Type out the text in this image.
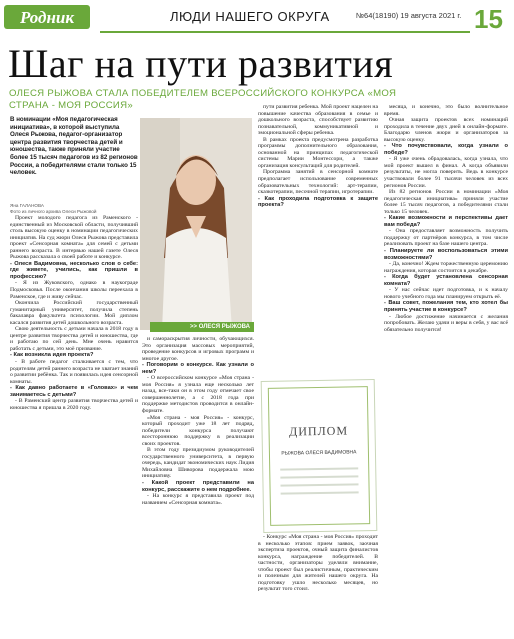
Родник	ЛЮДИ НАШЕГО ОКРУГА	№64(18190) 19 августа 2021 г. 15
Шаг на пути развития
ОЛЕСЯ РЫЖОВА СТАЛА ПОБЕДИТЕЛЕМ ВСЕРОССИЙСКОГО КОНКУРСА «МОЯ СТРАНА - МОЯ РОССИЯ»
В номинации «Моя педагогическая инициатива», в которой выступила Олеся Рыжова, педагог-организатор центра развития творчества детей и юношества, также приняли участие более 15 тысяч педагогов из 82 регионов России, а победителями стали только 15 человек.
Яна ГАЛАНОВА
Фото из личного архива Олеси Рыжовой
>> ОЛЕСЯ РЫЖОВА

Проект молодого педагога из Раменского - единственный из Московской области, получивший столь высокую оценку в номинации педагогических инициатив. На суд жюри Олеся Рыжова представила проект «Сенсорная комната» для семей с детьми раннего возраста. В интервью нашей газете Олеся Рыжова рассказала о своей работе и конкурсе.

- Олеся Вадимовна, несколько слов о себе: где живете, учились, как пришли в профессию?

- Я из Жуковского, однако в наукограде Подмосковья. После окончания школы переехала в Раменское, где и живу сейчас.

Окончила Российский государственный гуманитарный университет, получила степень бакалавра факультета психологии. Мой диплом касался развития детей дошкольного возраста.

Свою деятельность с детьми начала в 2018 году в центре развития творчества детей и юношества, где и работаю по сей день. Мне очень нравится работать с детьми, это моё призвание.

- Как возникла идея проекта?

- В работе педагог сталкивается с тем, что родителям детей раннего возраста не хватает знаний о развитии ребёнка. Так и появилась идея сенсорной комнаты.

- Как давно работаете в «Головах» и чем занимаетесь с детьми?

- В Раменский центр развития творчества детей и юношества я пришла в 2020 году.

и самораскрытия личности, обучающихся. Это организация массовых мероприятий, проведение конкурсов и игровых программ и многое другое.

- Поговорим о конкурсе. Как узнали о нем?

- О всероссийском конкурсе «Моя страна - моя Россия» я узнала еще несколько лет назад, все-таки он в этом году отмечает свое совершеннолетие, а с 2018 года при поддержке методистов проводится в онлайн-формате.

«Моя страна - моя Россия» - конкурс, который проходит уже 18 лет подряд, победители конкурса получают всестороннюю поддержку в реализации своих проектов.

В этом году президиумом руководителей государственного университета, в первую очередь, кандидат экономических наук Лидия Михайловна Шиворова поддержала мою инициативу.

- Какой проект представили на конкурс, расскажите о нем подробнее.

- На конкурс я представила проект под названием «Сенсорная комната».

пути развития ребенка. Мой проект нацелен на повышение качества образования в семье и дошкольного возраста, способствует развитию познавательной, коммуникативной и эмоциональной сферы ребенка.

В рамках проекта предусмотрена разработка программы дополнительного образования, основанной на принципах педагогической системы Марии Монтессори, а также организация консультаций для родителей.

Программа занятий в сенсорной комнате предполагает использование современных образовательных технологий: арт-терапии, сказкотерапии, песочной терапии, игротерапии.

- Как проходила подготовка к защите проекта?

ДИПЛОМ
РЫЖОВА ОЛЕСЯ ВАДИМОВНА

- Конкурс «Моя страна - моя Россия» проходит в несколько этапов: прием заявок, заочная экспертиза проектов, очный защита финалистов конкурса, награждение победителей. В частности, организаторы уделяли внимание, чтобы проект был реалистичным, практическим и полезным для жителей нашего округа. На подготовку ушло несколько месяцев, но результат того стоил.

месяца, и конечно, это было волнительное время.

Очная защита проектов всех номинаций проходила в течение двух дней в онлайн-формате. Благодарю членов жюри и организаторов за высокую оценку.

- Что почувствовали, когда узнали о победе?

- Я уже очень обрадовалась, когда узнала, что мой проект вышел в финал. А когда объявили результаты, не могла поверить. Ведь в конкурсе участвовали более 91 тысячи человек из всех регионов России.

Из 82 регионов России в номинации «Моя педагогическая инициатива» приняли участие более 15 тысяч педагогов, а победителями стали только 15 человек.

- Какие возможности и перспективы дает вам победа?

- Она предоставляет возможность получить поддержку от партнёров конкурса, в том числе реализовать проект на базе нашего центра.

- Планируете ли воспользоваться этими возможностями?

- Да, конечно! Ждем торжественную церемонию награждения, которая состоится в декабре.

- Когда будет установлена сенсорная комната?

- У нас сейчас идет подготовка, и к началу нового учебного года мы планируем открыть её.

- Ваш совет, пожелания тем, кто хотел бы принять участие в конкурсе?

- Любое достижение начинается с желания попробовать. Желаю удачи и веры в себя, у вас всё обязательно получится!
